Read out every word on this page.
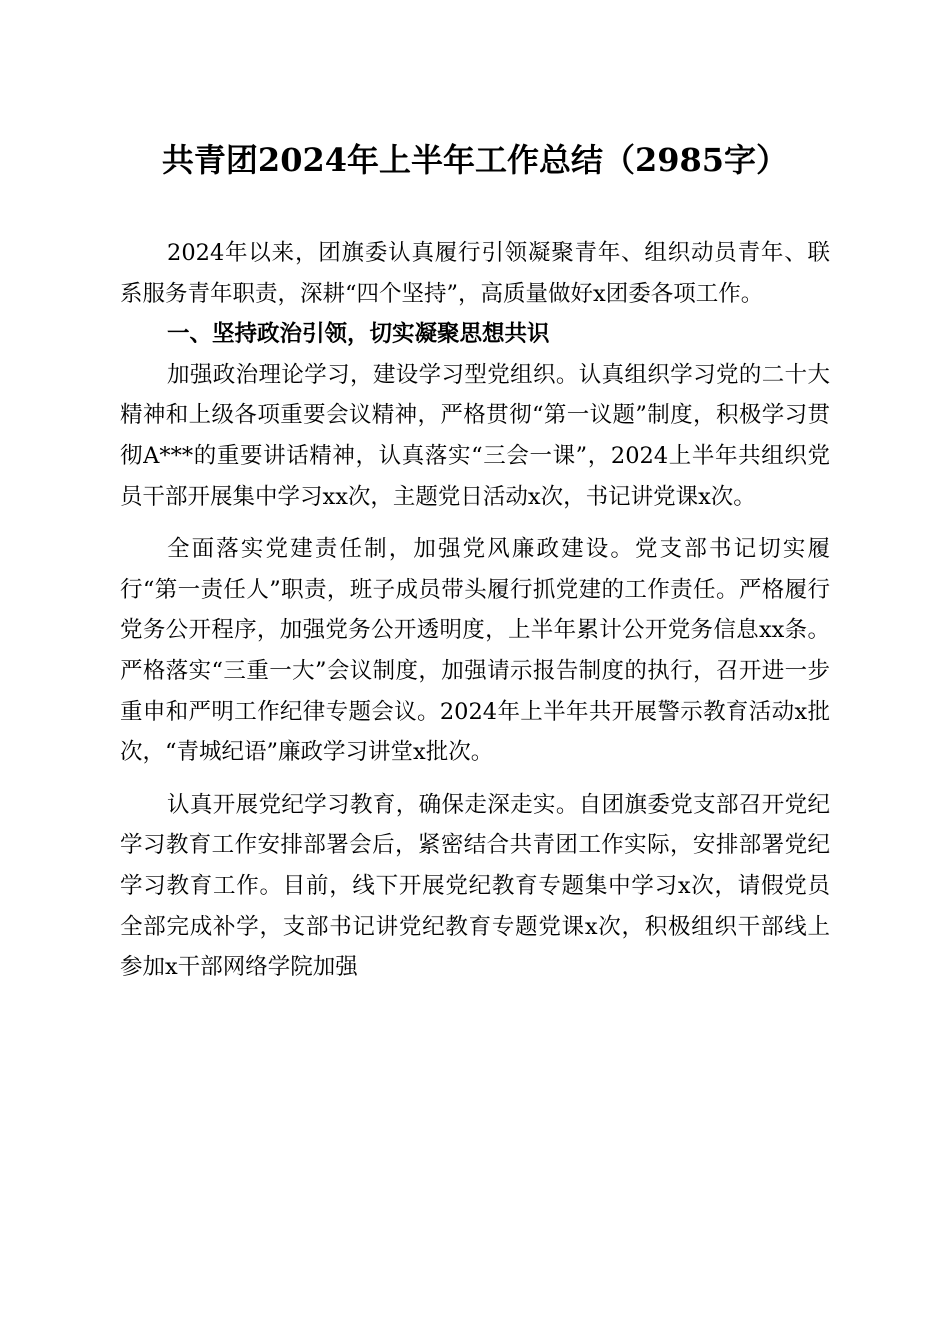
共青团2024年上半年工作总结（2985字）

2024年以来，团旗委认真履行引领凝聚青年、组织动员青年、联系服务青年职责，深耕“四个坚持”，高质量做好x团委各项工作。

一、坚持政治引领，切实凝聚思想共识

加强政治理论学习，建设学习型党组织。认真组织学习党的二十大精神和上级各项重要会议精神，严格贯彻“第一议题”制度，积极学习贯彻A***的重要讲话精神，认真落实“三会一课”，2024上半年共组织党员干部开展集中学习xx次，主题党日活动x次，书记讲党课x次。

全面落实党建责任制，加强党风廉政建设。党支部书记切实履行“第一责任人”职责，班子成员带头履行抓党建的工作责任。严格履行党务公开程序，加强党务公开透明度，上半年累计公开党务信息xx条。严格落实“三重一大”会议制度，加强请示报告制度的执行，召开进一步重申和严明工作纪律专题会议。2024年上半年共开展警示教育活动x批次，“青城纪语”廉政学习讲堂x批次。

认真开展党纪学习教育，确保走深走实。自团旗委党支部召开党纪学习教育工作安排部署会后，紧密结合共青团工作实际，安排部署党纪学习教育工作。目前，线下开展党纪教育专题集中学习x次，请假党员全部完成补学，支部书记讲党纪教育专题党课x次，积极组织干部线上参加x干部网络学院加强
